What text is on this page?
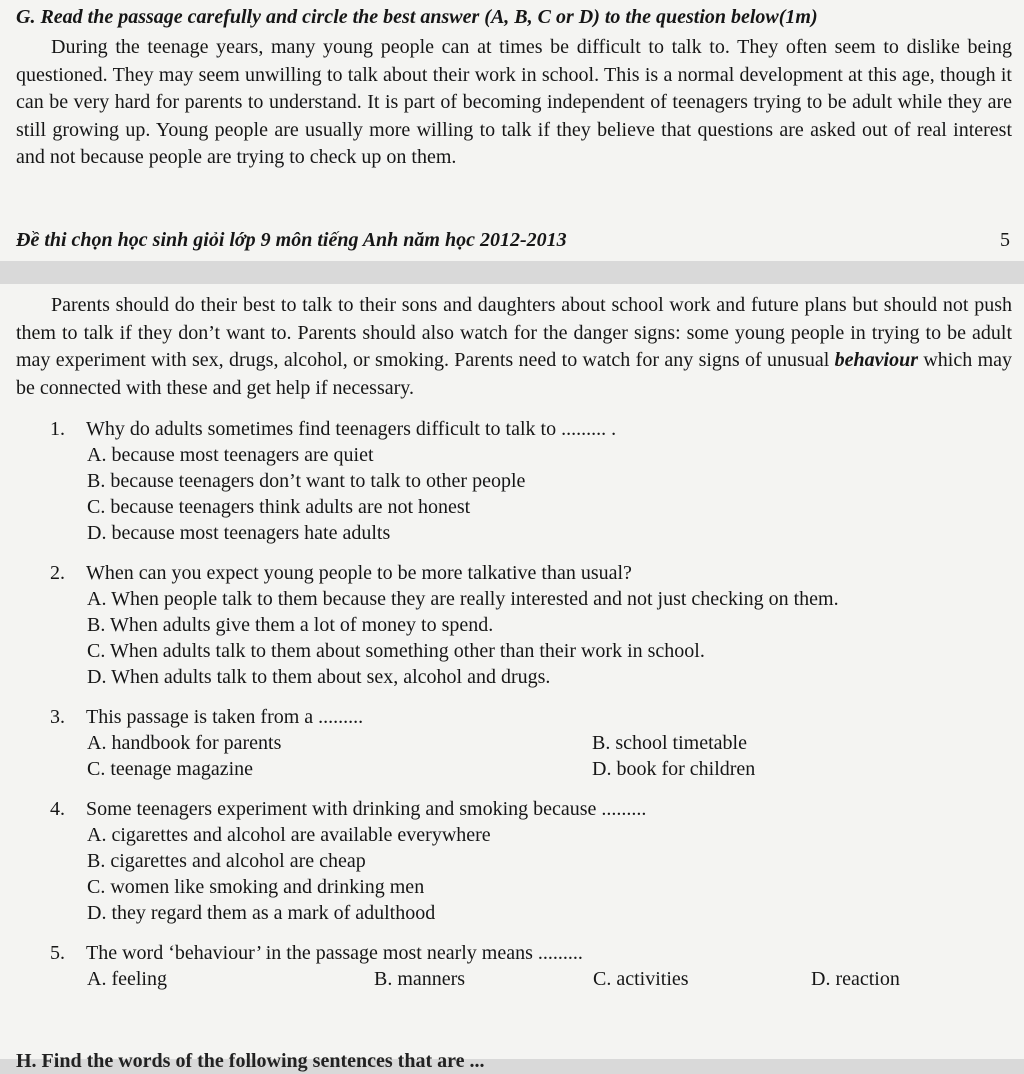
G. Read the passage carefully and circle the best answer (A, B, C or D) to the question below(1m)

During the teenage years, many young people can at times be difficult to talk to. They often seem to dislike being questioned. They may seem unwilling to talk about their work in school. This is a normal development at this age, though it can be very hard for parents to understand. It is part of becoming independent of teenagers trying to be adult while they are still growing up. Young people are usually more willing to talk if they believe that questions are asked out of real interest and not because people are trying to check up on them.

Đề thi chọn học sinh giỏi lớp 9 môn tiếng Anh năm học 2012-2013	5

Parents should do their best to talk to their sons and daughters about school work and future plans but should not push them to talk if they don’t want to. Parents should also watch for the danger signs: some young people in trying to be adult may experiment with sex, drugs, alcohol, or smoking. Parents need to watch for any signs of unusual behaviour which may be connected with these and get help if necessary.

1.	Why do adults sometimes find teenagers difficult to talk to ......... .
A. because most teenagers are quiet
B. because teenagers don’t want to talk to other people
C. because teenagers think adults are not honest
D. because most teenagers hate adults
2.	When can you expect young people to be more talkative than usual?
A. When people talk to them because they are really interested and not just checking on them.
B. When adults give them a lot of money to spend.
C. When adults talk to them about something other than their work in school.
D. When adults talk to them about sex, alcohol and drugs.
3.	This passage is taken from a .........
A. handbook for parents	B. school timetable
C. teenage magazine	D. book for children
4.	Some teenagers experiment with drinking and smoking because .........
A. cigarettes and alcohol are available everywhere
B. cigarettes and alcohol are cheap
C. women like smoking and drinking men
D. they regard them as a mark of adulthood
5.	The word ‘behaviour’ in the passage most nearly means .........
A. feeling	B. manners	C. activities	D. reaction
H. Find the words of the following sentences that are ...
